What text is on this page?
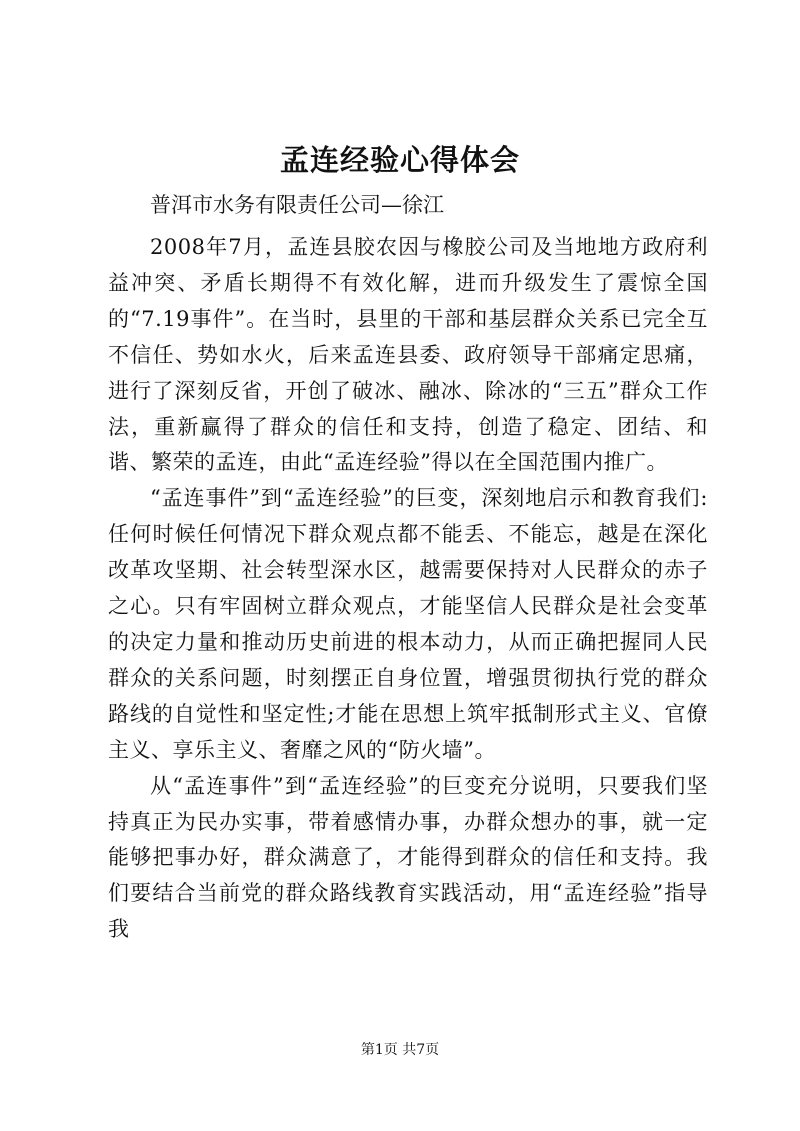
孟连经验心得体会

普洱市水务有限责任公司—徐江

2008年7月，孟连县胶农因与橡胶公司及当地地方政府利益冲突、矛盾长期得不有效化解，进而升级发生了震惊全国的“7.19事件”。在当时，县里的干部和基层群众关系已完全互不信任、势如水火，后来孟连县委、政府领导干部痛定思痛，进行了深刻反省，开创了破冰、融冰、除冰的“三五”群众工作法，重新赢得了群众的信任和支持，创造了稳定、团结、和谐、繁荣的孟连，由此“孟连经验”得以在全国范围内推广。

“孟连事件”到“孟连经验”的巨变，深刻地启示和教育我们:任何时候任何情况下群众观点都不能丢、不能忘，越是在深化改革攻坚期、社会转型深水区，越需要保持对人民群众的赤子之心。只有牢固树立群众观点，才能坚信人民群众是社会变革的决定力量和推动历史前进的根本动力，从而正确把握同人民群众的关系问题，时刻摆正自身位置，增强贯彻执行党的群众路线的自觉性和坚定性;才能在思想上筑牢抵制形式主义、官僚主义、享乐主义、奢靡之风的“防火墙”。

从“孟连事件”到“孟连经验”的巨变充分说明，只要我们坚持真正为民办实事，带着感情办事，办群众想办的事，就一定能够把事办好，群众满意了，才能得到群众的信任和支持。我们要结合当前党的群众路线教育实践活动，用“孟连经验”指导我

第1页 共7页
